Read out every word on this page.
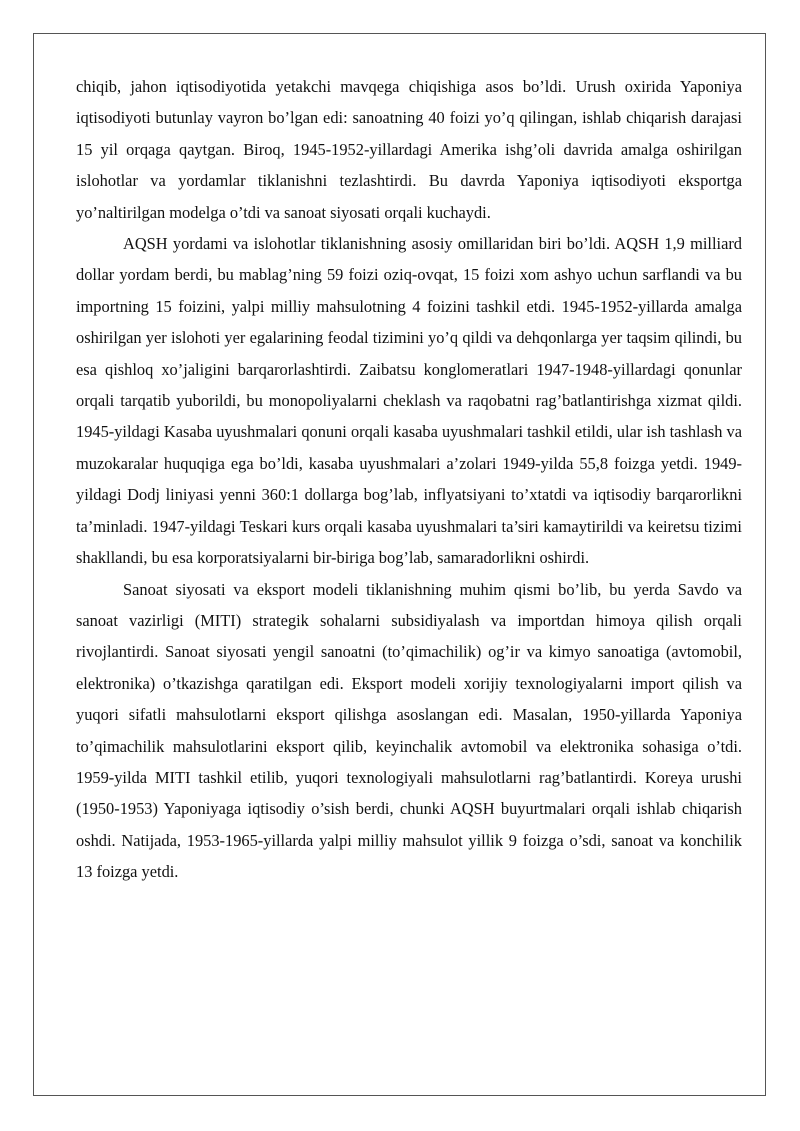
chiqib, jahon iqtisodiyotida yetakchi mavqega chiqishiga asos bo’ldi. Urush oxirida Yaponiya iqtisodiyoti butunlay vayron bo’lgan edi: sanoatning 40 foizi yo’q qilingan, ishlab chiqarish darajasi 15 yil orqaga qaytgan. Biroq, 1945-1952-yillardagi Amerika ishg’oli davrida amalga oshirilgan islohotlar va yordamlar tiklanishni tezlashtirdi. Bu davrda Yaponiya iqtisodiyoti eksportga yo’naltirilgan modelga o’tdi va sanoat siyosati orqali kuchaydi.

AQSH yordami va islohotlar tiklanishning asosiy omillaridan biri bo’ldi. AQSH 1,9 milliard dollar yordam berdi, bu mablag’ning 59 foizi oziq-ovqat, 15 foizi xom ashyo uchun sarflandi va bu importning 15 foizini, yalpi milliy mahsulotning 4 foizini tashkil etdi. 1945-1952-yillarda amalga oshirilgan yer islohoti yer egalarining feodal tizimini yo’q qildi va dehqonlarga yer taqsim qilindi, bu esa qishloq xo’jaligini barqarorlashtirdi. Zaibatsu konglomeratlari 1947-1948-yillardagi qonunlar orqali tarqatib yuborildi, bu monopoliyalarni cheklash va raqobatni rag’batlantirishga xizmat qildi. 1945-yildagi Kasaba uyushmalari qonuni orqali kasaba uyushmalari tashkil etildi, ular ish tashlash va muzokaralar huquqiga ega bo’ldi, kasaba uyushmalari a’zolari 1949-yilda 55,8 foizga yetdi. 1949-yildagi Dodj liniyasi yenni 360:1 dollarga bog’lab, inflyatsiyani to’xtatdi va iqtisodiy barqarorlikni ta’minladi. 1947-yildagi Teskari kurs orqali kasaba uyushmalari ta’siri kamaytirildi va keiretsu tizimi shakllandi, bu esa korporatsiyalarni bir-biriga bog’lab, samaradorlikni oshirdi.

Sanoat siyosati va eksport modeli tiklanishning muhim qismi bo’lib, bu yerda Savdo va sanoat vazirligi (MITI) strategik sohalarni subsidiyalash va importdan himoya qilish orqali rivojlantirdi. Sanoat siyosati yengil sanoatni (to’qimachilik) og’ir va kimyo sanoatiga (avtomobil, elektronika) o’tkazishga qaratilgan edi. Eksport modeli xorijiy texnologiyalarni import qilish va yuqori sifatli mahsulotlarni eksport qilishga asoslangan edi. Masalan, 1950-yillarda Yaponiya to’qimachilik mahsulotlarini eksport qilib, keyinchalik avtomobil va elektronika sohasiga o’tdi. 1959-yilda MITI tashkil etilib, yuqori texnologiyali mahsulotlarni rag’batlantirdi. Koreya urushi (1950-1953) Yaponiyaga iqtisodiy o’sish berdi, chunki AQSH buyurtmalari orqali ishlab chiqarish oshdi. Natijada, 1953-1965-yillarda yalpi milliy mahsulot yillik 9 foizga o’sdi, sanoat va konchilik 13 foizga yetdi.
